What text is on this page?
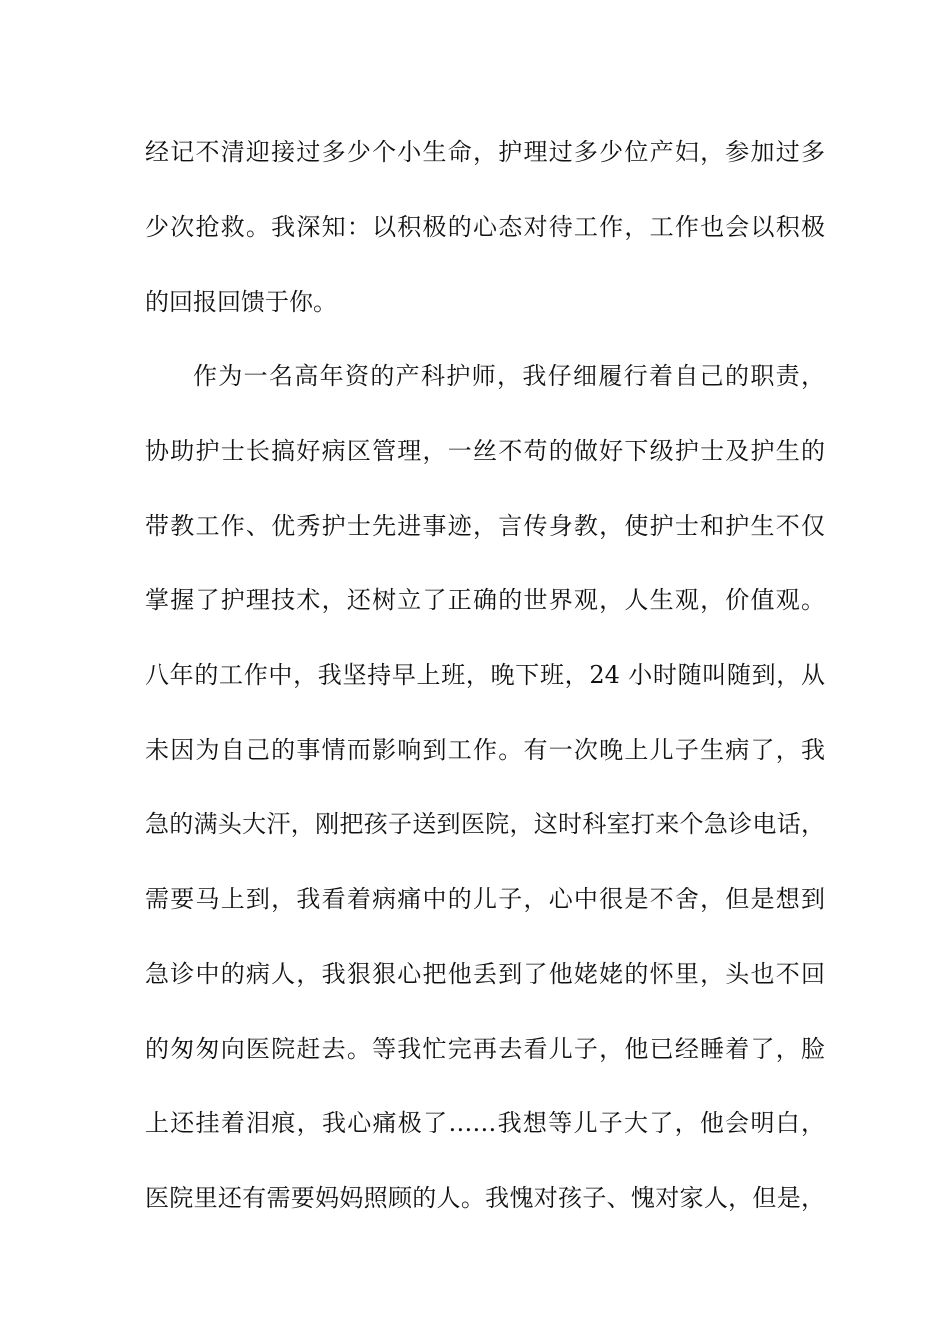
经记不清迎接过多少个小生命，护理过多少位产妇，参加过多
少次抢救。我深知：以积极的心态对待工作，工作也会以积极
的回报回馈于你。
作为一名高年资的产科护师，我仔细履行着自己的职责，
协助护士长搞好病区管理，一丝不苟的做好下级护士及护生的
带教工作、优秀护士先进事迹，言传身教，使护士和护生不仅
掌握了护理技术，还树立了正确的世界观，人生观，价值观。
八年的工作中，我坚持早上班，晚下班，24 小时随叫随到，从
未因为自己的事情而影响到工作。有一次晚上儿子生病了，我
急的满头大汗，刚把孩子送到医院，这时科室打来个急诊电话，
需要马上到，我看着病痛中的儿子，心中很是不舍，但是想到
急诊中的病人，我狠狠心把他丢到了他姥姥的怀里，头也不回
的匆匆向医院赶去。等我忙完再去看儿子，他已经睡着了，脸
上还挂着泪痕，我心痛极了……我想等儿子大了，他会明白，
医院里还有需要妈妈照顾的人。我愧对孩子、愧对家人，但是，
